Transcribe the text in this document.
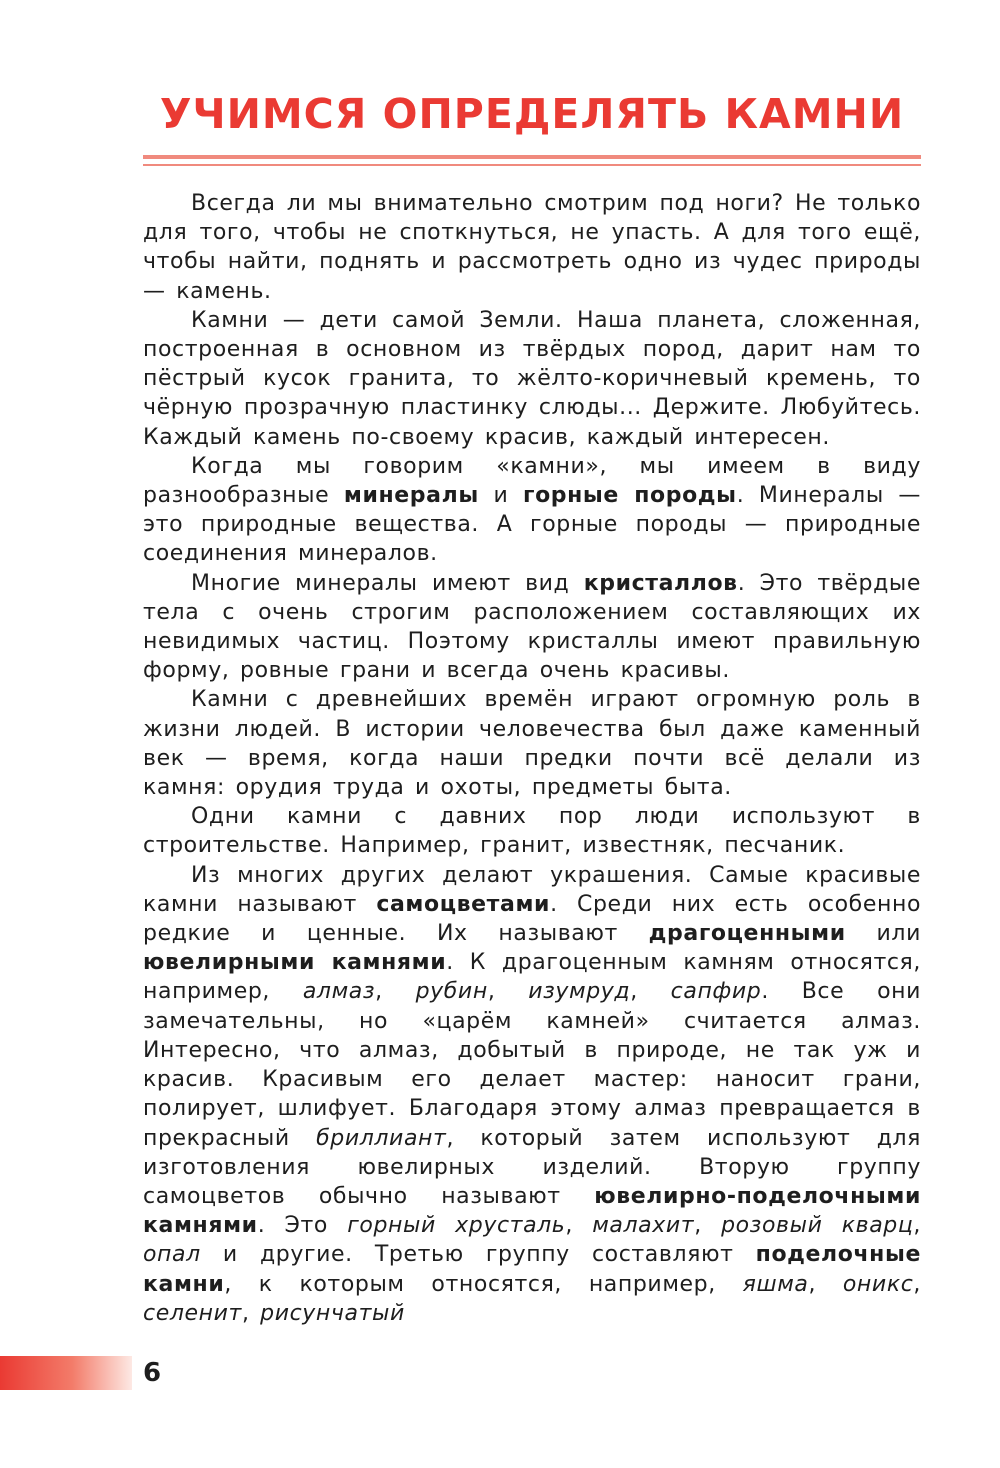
УЧИМСЯ ОПРЕДЕЛЯТЬ КАМНИ

Всегда ли мы внимательно смотрим под ноги? Не только для того, чтобы не споткнуться, не упасть. А для того ещё, чтобы найти, поднять и рассмотреть одно из чудес природы — камень.

Камни — дети самой Земли. Наша планета, сложенная, построенная в основном из твёрдых пород, дарит нам то пёстрый кусок гранита, то жёлто-коричневый кремень, то чёрную прозрачную пластинку слюды... Держите. Любуйтесь. Каждый камень по-своему красив, каждый интересен.

Когда мы говорим «камни», мы имеем в виду разнообразные минералы и горные породы. Минералы — это природные вещества. А горные породы — природные соединения минералов.

Многие минералы имеют вид кристаллов. Это твёрдые тела с очень строгим расположением составляющих их невидимых частиц. Поэтому кристаллы имеют правильную форму, ровные грани и всегда очень красивы.

Камни с древнейших времён играют огромную роль в жизни людей. В истории человечества был даже каменный век — время, когда наши предки почти всё делали из камня: орудия труда и охоты, предметы быта.

Одни камни с давних пор люди используют в строительстве. Например, гранит, известняк, песчаник.

Из многих других делают украшения. Самые красивые камни называют самоцветами. Среди них есть особенно редкие и ценные. Их называют драгоценными или ювелирными камнями. К драгоценным камням относятся, например, алмаз, рубин, изумруд, сапфир. Все они замечательны, но «царём камней» считается алмаз. Интересно, что алмаз, добытый в природе, не так уж и красив. Красивым его делает мастер: наносит грани, полирует, шлифует. Благодаря этому алмаз превращается в прекрасный бриллиант, который затем используют для изготовления ювелирных изделий. Вторую группу самоцветов обычно называют ювелирно-поделочными камнями. Это горный хрусталь, малахит, розовый кварц, опал и другие. Третью группу составляют поделочные камни, к которым относятся, например, яшма, оникс, селенит, рисунчатый

6
